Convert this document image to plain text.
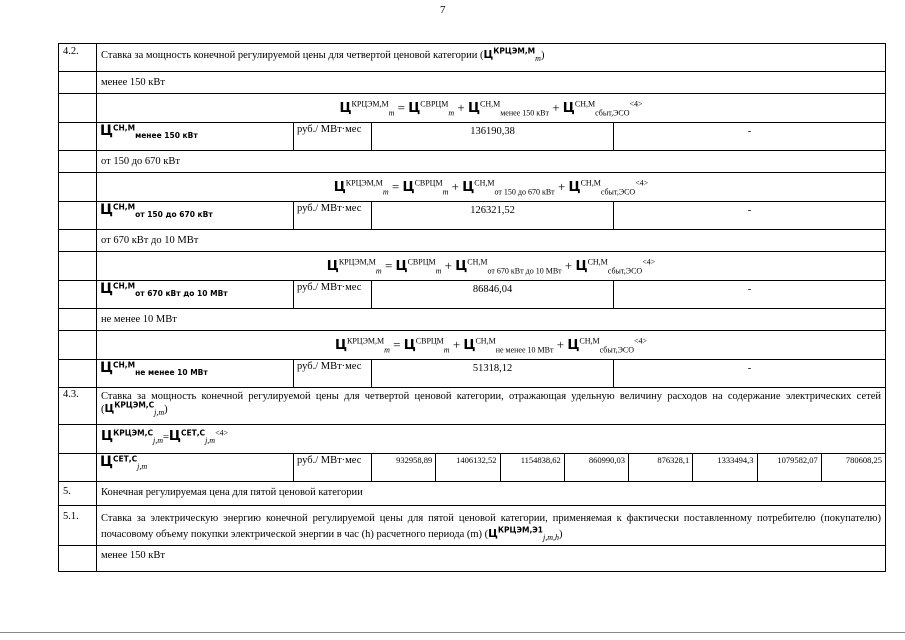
7
4.2.	Ставка за мощность конечной регулируемой цены для четвертой ценовой категории $(Ц^{КРЦЭМ,М}_m)$
менее 150 кВт
$Ц^{КРЦЭМ,М}_m = Ц^{СВРЦМ}_m + Ц^{СН,М}_{менее 150 кВт} + Ц^{СН,М}_{сбыт,ЭСО}^{<4>}$
$Ц^{СН,М}_{менее 150 кВт}$
руб./ МВт·мес	136190,38	-
от 150 до 670 кВт
$Ц^{КРЦЭМ,М}_m = Ц^{СВРЦМ}_m + Ц^{СН,М}_{от 150 до 670 кВт} + Ц^{СН,М}_{сбыт,ЭСО}^{<4>}$
$Ц^{СН,М}_{от 150 до 670 кВт}$
руб./ МВт·мес	126321,52	-
от 670 кВт до 10 МВт
$Ц^{КРЦЭМ,М}_m = Ц^{СВРЦМ}_m + Ц^{СН,М}_{от 670 кВт до 10 МВт} + Ц^{СН,М}_{сбыт,ЭСО}^{<4>}$
$Ц^{СН,М}_{от 670 кВт до 10 МВт}$
руб./ МВт·мес	86846,04	-
не менее 10 МВт
$Ц^{КРЦЭМ,М}_m = Ц^{СВРЦМ}_m + Ц^{СН,М}_{не менее 10 МВт} + Ц^{СН,М}_{сбыт,ЭСО}^{<4>}$
$Ц^{СН,М}_{не менее 10 МВт}$
руб./ МВт·мес	51318,12	-
4.3.	Ставка за мощность конечной регулируемой цены для четвертой ценовой категории, отражающая удельную величину расходов на содержание электрических сетей $(Ц^{КРЦЭМ,С}_{j,m})$
$Ц^{КРЦЭМ,С}_{j,m}=Ц^{СЕТ,С}_{j,m}^{<4>}$
$Ц^{СЕТ,С}_{j,m}$
руб./ МВт·мес	932958,89	1406132,52	1154838,62	860990,03	876328,1	1333494,3	1079582,07	780608,25
5.	Конечная регулируемая цена для пятой ценовой категории
5.1.	Ставка за электрическую энергию конечной регулируемой цены для пятой ценовой категории, применяемая к фактически поставленному потребителю (покупателю) почасовому объему покупки электрической энергии в час (h) расчетного периода (m) $(Ц^{КРЦЭМ,Э1}_{j,m,h})$
менее 150 кВт
